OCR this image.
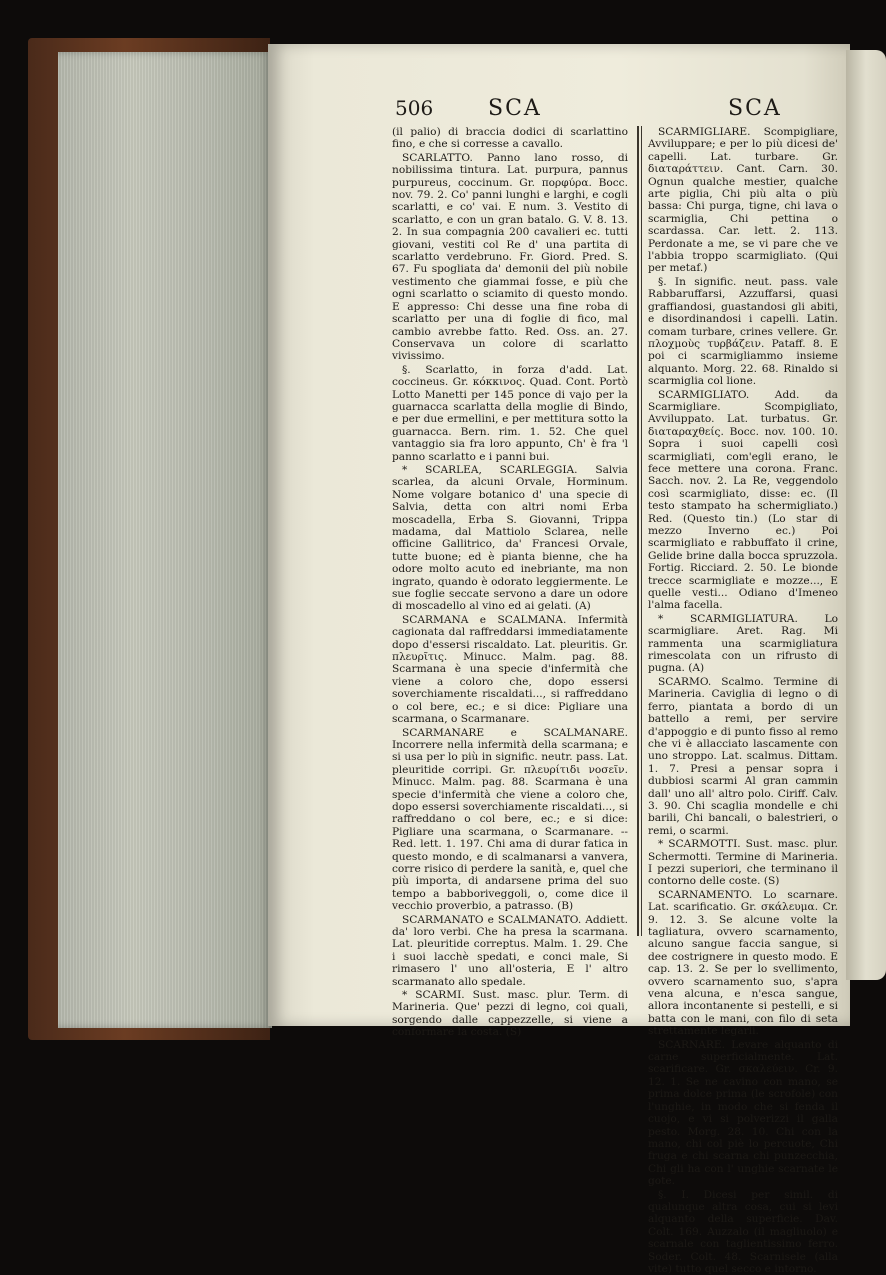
506 SCA	SCA

(il palio) di braccia dodici di scarlattino fino, e che si corresse a cavallo.

SCARLATTO. Panno lano rosso, di nobilissima tintura. Lat. purpura, pannus purpureus, coccinum. Gr. πορφύρα. Bocc. nov. 79. 2. Co' panni lunghi e larghi, e cogli scarlatti, e co' vai. E num. 3. Vestito di scarlatto, e con un gran batalo. G. V. 8. 13. 2. In sua compagnia 200 cavalieri ec. tutti giovani, vestiti col Re d' una partita di scarlatto verdebruno. Fr. Giord. Pred. S. 67. Fu spogliata da' demonii del più nobile vestimento che giammai fosse, e più che ogni scarlatto o sciamito di questo mondo. E appresso: Chi desse una fine roba di scarlatto per una di foglie di fico, mal cambio avrebbe fatto. Red. Oss. an. 27. Conservava un colore di scarlatto vivissimo.

§. Scarlatto, in forza d'add. Lat. coccineus. Gr. κόκκινος. Quad. Cont. Portò Lotto Manetti per 145 ponce di vajo per la guarnacca scarlatta della moglie di Bindo, e per due ermellini, e per mettitura sotto la guarnacca. Bern. rim. 1. 52. Che quel vantaggio sia fra loro appunto, Ch' è fra 'l panno scarlatto e i panni bui.

* SCARLEA, SCARLEGGIA. Salvia scarlea, da alcuni Orvale, Horminum. Nome volgare botanico d' una specie di Salvia, detta con altri nomi Erba moscadella, Erba S. Giovanni, Trippa madama, dal Mattiolo Sclarea, nelle officine Gallitrico, da' Francesi Orvale, tutte buone; ed è pianta bienne, che ha odore molto acuto ed inebriante, ma non ingrato, quando è odorato leggiermente. Le sue foglie seccate servono a dare un odore di moscadello al vino ed ai gelati. (A)

SCARMANA e SCALMANA. Infermità cagionata dal raffreddarsi immediatamente dopo d'essersi riscaldato. Lat. pleuritis. Gr. πλευρῖτις. Minucc. Malm. pag. 88. Scarmana è una specie d'infermità che viene a coloro che, dopo essersi soverchiamente riscaldati..., si raffreddano o col bere, ec.; e si dice: Pigliare una scarmana, o Scarmanare.

SCARMANARE e SCALMANARE. Incorrere nella infermità della scarmana; e si usa per lo più in signific. neutr. pass. Lat. pleuritide corripi. Gr. πλευρίτιδι νοσεῖν. Minucc. Malm. pag. 88. Scarmana è una specie d'infermità che viene a coloro che, dopo essersi soverchiamente riscaldati..., si raffreddano o col bere, ec.; e si dice: Pigliare una scarmana, o Scarmanare. -- Red. lett. 1. 197. Chi ama di durar fatica in questo mondo, e di scalmanarsi a vanvera, corre risico di perdere la sanità, e, quel che più importa, di andarsene prima del suo tempo a babboriveggoli, o, come dice il vecchio proverbio, a patrasso. (B)

SCARMANATO e SCALMANATO. Addiett. da' loro verbi. Che ha presa la scarmana. Lat. pleuritide correptus. Malm. 1. 29. Che i suoi lacchè spedati, e conci male, Si rimasero l' uno all'osteria, E l' altro scarmanato allo spedale.

* SCARMI. Sust. masc. plur. Term. di Marineria. Que' pezzi di legno, coi quali, sorgendo dalle cappezzelle, si viene a conformare la costa. (S)

SCARMIGLIARE. Scompigliare, Avviluppare; e per lo più dicesi de' capelli. Lat. turbare. Gr. διαταράττειν. Cant. Carn. 30. Ognun qualche mestier, qualche arte piglia, Chi più alta o più bassa: Chi purga, tigne, chi lava o scarmiglia, Chi pettina o scardassa. Car. lett. 2. 113. Perdonate a me, se vi pare che ve l'abbia troppo scarmigliato. (Qui per metaf.)

§. In signific. neut. pass. vale Rabbaruffarsi, Azzuffarsi, quasi graffiandosi, guastandosi gli abiti, e disordinandosi i capelli. Latin. comam turbare, crines vellere. Gr. πλοχμοὺς τυρβάζειν. Pataff. 8. E poi ci scarmigliammo insieme alquanto. Morg. 22. 68. Rinaldo si scarmiglia col lione.

SCARMIGLIATO. Add. da Scarmigliare. Scompigliato, Avviluppato. Lat. turbatus. Gr. διαταραχθείς. Bocc. nov. 100. 10. Sopra i suoi capelli così scarmigliati, com'egli erano, le fece mettere una corona. Franc. Sacch. nov. 2. La Re, veggendolo così scarmigliato, disse: ec. (Il testo stampato ha schermigliato.) Red. (Questo tin.) (Lo star di mezzo Inverno ec.) Poi scarmigliato e rabbuffato il crine, Gelide brine dalla bocca spruzzola. Fortig. Ricciard. 2. 50. Le bionde trecce scarmigliate e mozze..., E quelle vesti... Odiano d'Imeneo l'alma facella.

* SCARMIGLIATURA. Lo scarmigliare. Aret. Rag. Mi rammenta una scarmigliatura rimescolata con un rifrusto di pugna. (A)

SCARMO. Scalmo. Termine di Marineria. Caviglia di legno o di ferro, piantata a bordo di un battello a remi, per servire d'appoggio e di punto fisso al remo che vi è allacciato lascamente con uno stroppo. Lat. scalmus. Dittam. 1. 7. Presi a pensar sopra i dubbiosi scarmi Al gran cammin dall' uno all' altro polo. Ciriff. Calv. 3. 90. Chi scaglia mondelle e chi barili, Chi bancali, o balestrieri, o remi, o scarmi.

* SCARMOTTI. Sust. masc. plur. Schermotti. Termine di Marineria. I pezzi superiori, che terminano il contorno delle coste. (S)

SCARNAMENTO. Lo scarnare. Lat. scarificatio. Gr. σκάλευμα. Cr. 9. 12. 3. Se alcune volte la tagliatura, ovvero scarnamento, alcuno sangue faccia sangue, si dee costrignere in questo modo. E cap. 13. 2. Se per lo svellimento, ovvero scarnamento suo, s'apra vena alcuna, e n'esca sangue, allora incontanente si pestelli, e si batta con le mani, con filo di seta strettamente legarli.

SCARNARE. Levare alquanto di carne superficialmente. Lat. scarificare. Gr. σκαλεύειν. Cr. 9. 12. 1. Se ne cavino con mano, se prima dolce prima (le scrofole) con l'unghie, in modo che si fenda il cuojo, e vi si polverizzi il galla pesto. Morg. 28. 10. Chi con la mano, chi col piè lo percuote, Chi fruga e chi scarna chi punzecchia, Chi gli ha con l' unghie scarnate le gote.

§. I. Dicesi per simil. di qualunque altra cosa, cui si levi alquanto della superficie. Dav. Colt. 169. Auzzalo (il magliuolo) e scarnale con taglientissimo ferro. Soder. Colt. 48. Scarnisele (alla vite) tutto quel secco e intorno.
